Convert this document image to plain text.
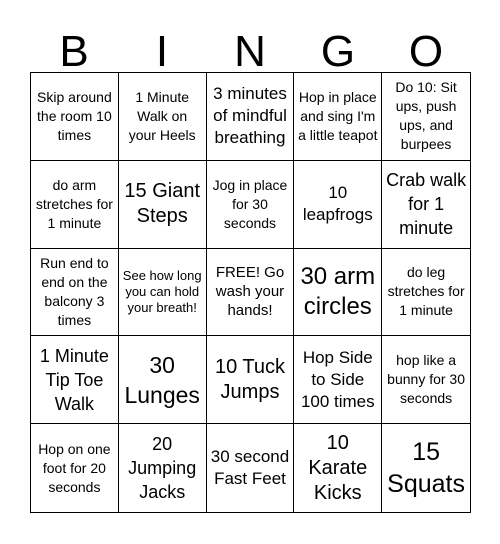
B	I	N	G	O
Skip around the room 10 times
1 Minute Walk on your Heels
3 minutes of mindful breathing
Hop in place and sing I'm a little teapot
Do 10: Sit ups, push ups, and burpees
do arm stretches for 1 minute
15 Giant Steps
Jog in place for 30 seconds
10 leapfrogs
Crab walk for 1 minute
Run end to end on the balcony 3 times
See how long you can hold your breath!
FREE! Go wash your hands!
30 arm circles
do leg stretches for 1 minute
1 Minute Tip Toe Walk
30 Lunges
10 Tuck Jumps
Hop Side to Side 100 times
hop like a bunny for 30 seconds
Hop on one foot for 20 seconds
20 Jumping Jacks
30 second Fast Feet
10 Karate Kicks
15 Squats
